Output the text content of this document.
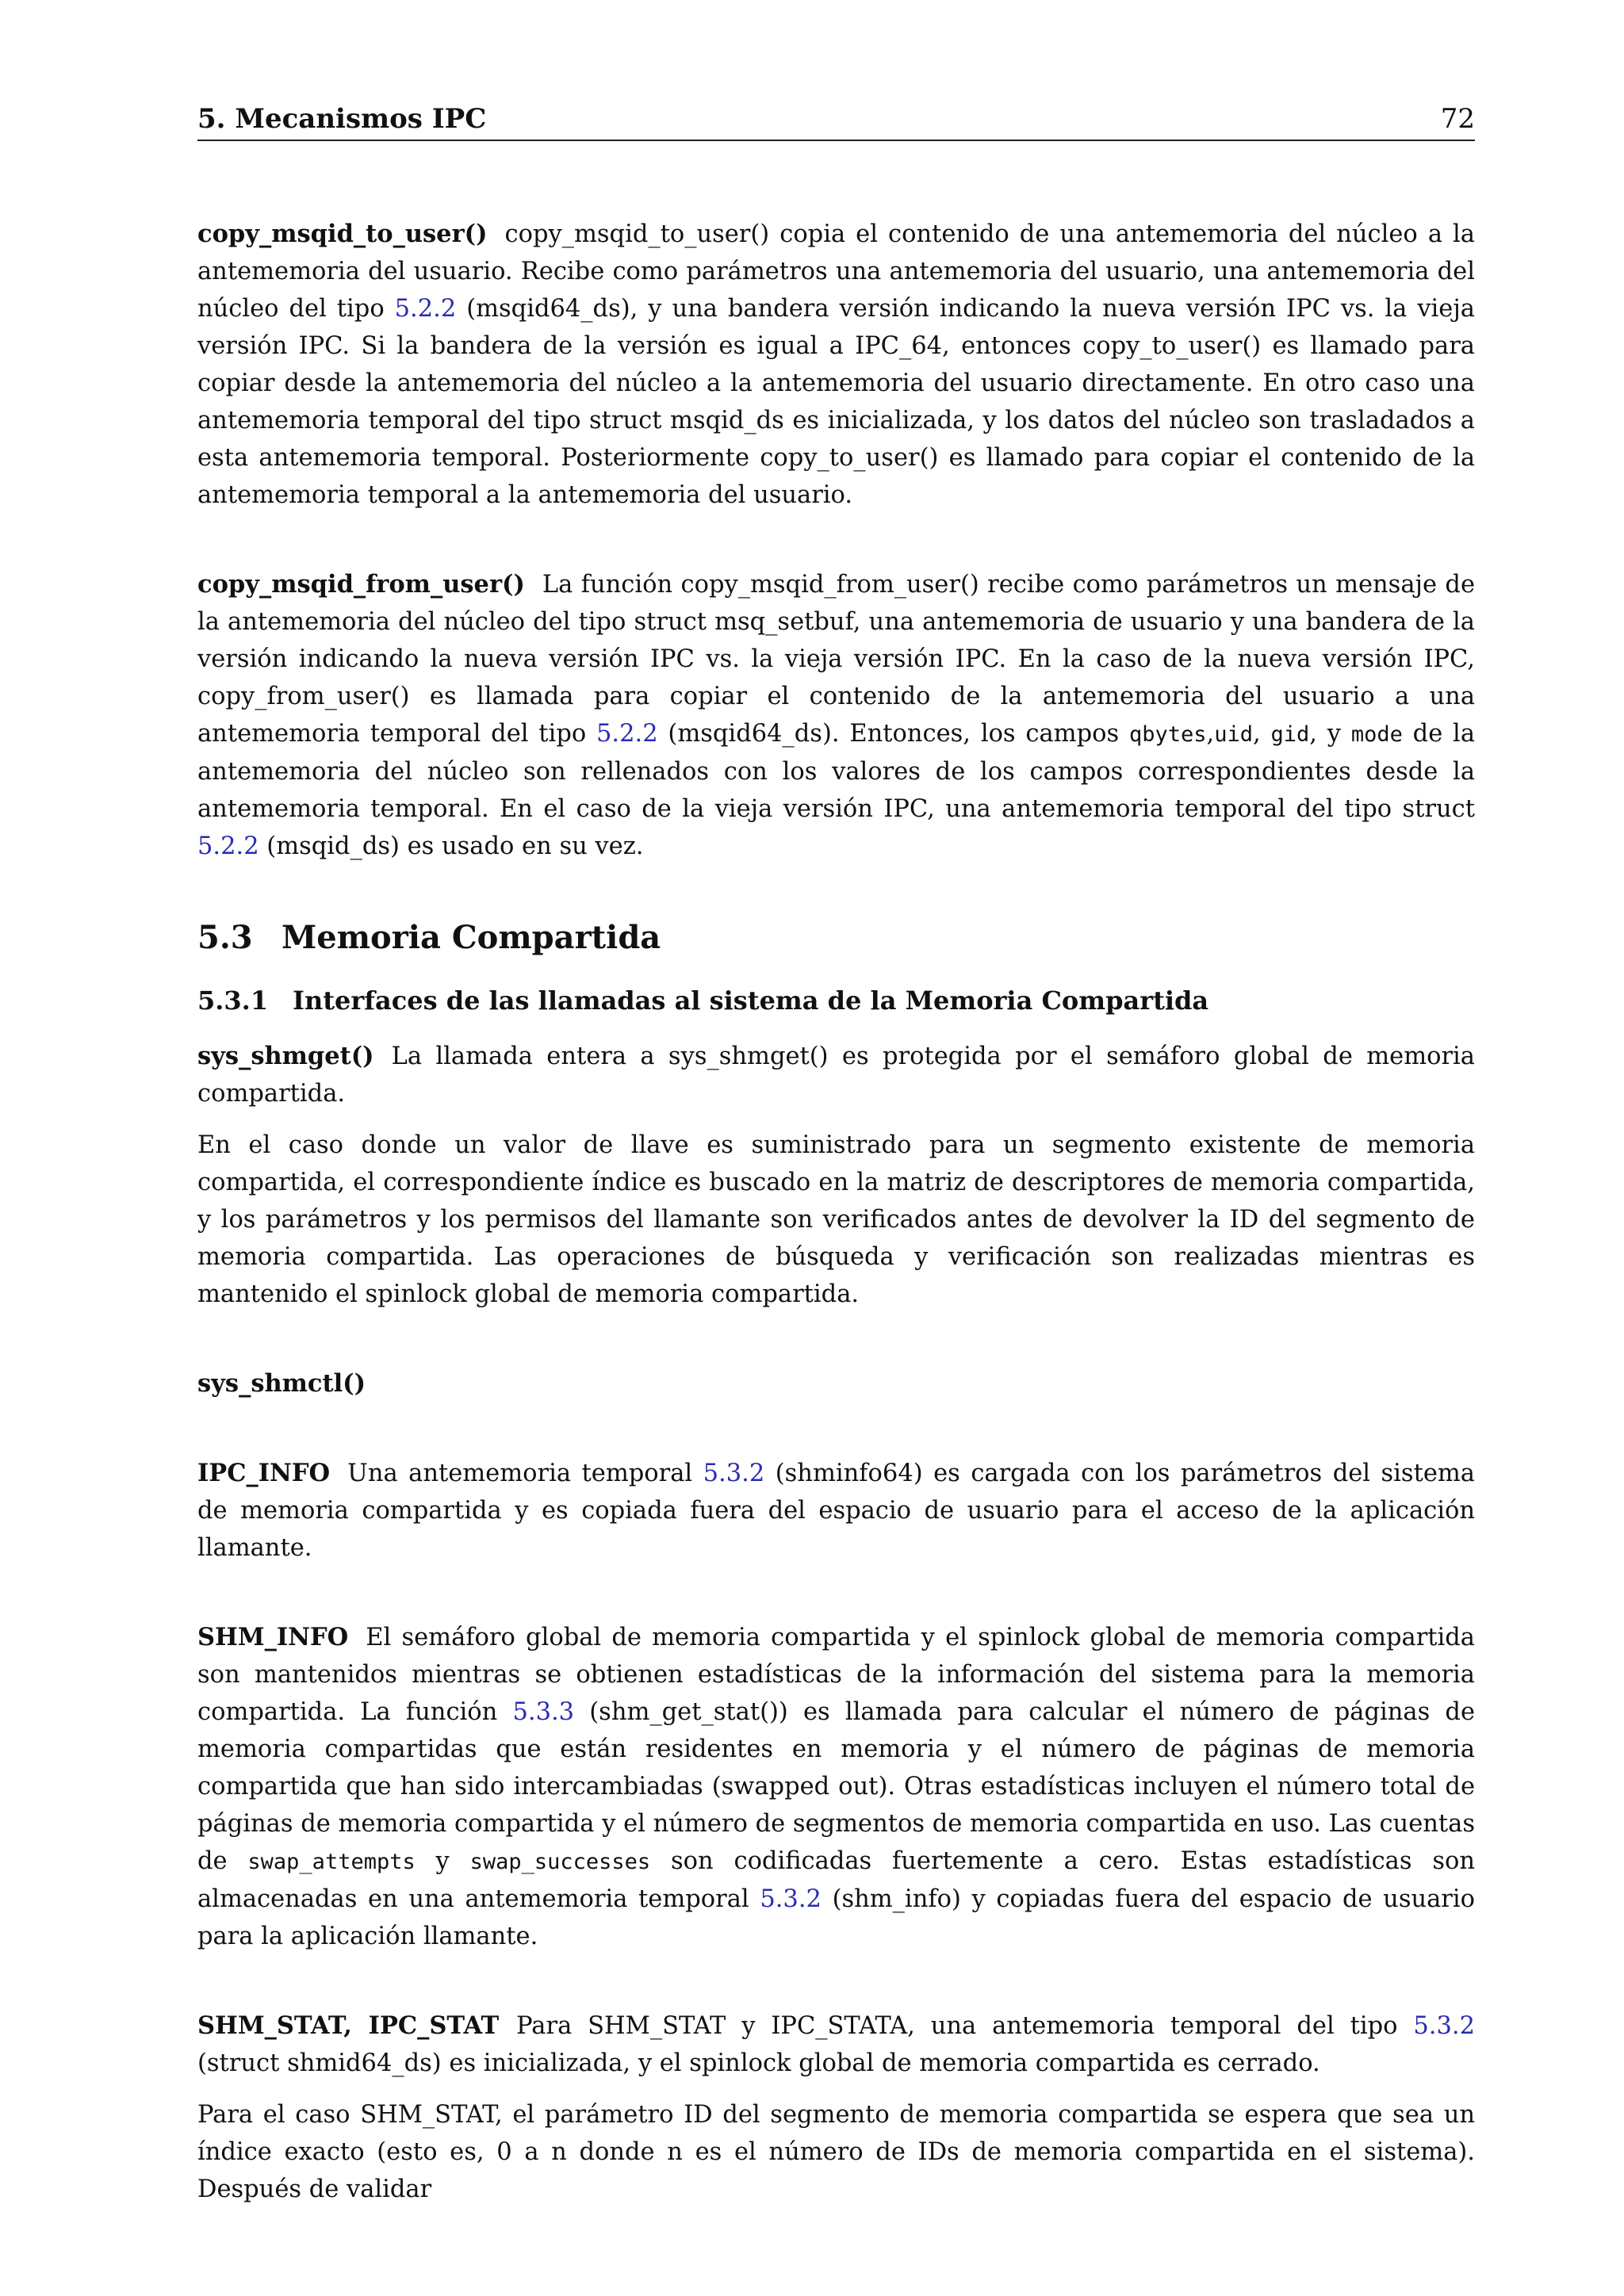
5. Mecanismos IPC	72

copy_msqid_to_user() copy_msqid_to_user() copia el contenido de una antememoria del núcleo a la antememoria del usuario. Recibe como parámetros una antememoria del usuario, una antememoria del núcleo del tipo 5.2.2 (msqid64_ds), y una bandera versión indicando la nueva versión IPC vs. la vieja versión IPC. Si la bandera de la versión es igual a IPC_64, entonces copy_to_user() es llamado para copiar desde la antememoria del núcleo a la antememoria del usuario directamente. En otro caso una antememoria temporal del tipo struct msqid_ds es inicializada, y los datos del núcleo son trasladados a esta antememoria temporal. Posteriormente copy_to_user() es llamado para copiar el contenido de la antememoria temporal a la antememoria del usuario.

copy_msqid_from_user() La función copy_msqid_from_user() recibe como parámetros un mensaje de la antememoria del núcleo del tipo struct msq_setbuf, una antememoria de usuario y una bandera de la versión indicando la nueva versión IPC vs. la vieja versión IPC. En la caso de la nueva versión IPC, copy_from_user() es llamada para copiar el contenido de la antememoria del usuario a una antememoria temporal del tipo 5.2.2 (msqid64_ds). Entonces, los campos qbytes,uid, gid, y mode de la antememoria del núcleo son rellenados con los valores de los campos correspondientes desde la antememoria temporal. En el caso de la vieja versión IPC, una antememoria temporal del tipo struct 5.2.2 (msqid_ds) es usado en su vez.

5.3 Memoria Compartida
5.3.1 Interfaces de las llamadas al sistema de la Memoria Compartida

sys_shmget() La llamada entera a sys_shmget() es protegida por el semáforo global de memoria compartida.

En el caso donde un valor de llave es suministrado para un segmento existente de memoria compartida, el correspondiente índice es buscado en la matriz de descriptores de memoria compartida, y los parámetros y los permisos del llamante son verificados antes de devolver la ID del segmento de memoria compartida. Las operaciones de búsqueda y verificación son realizadas mientras es mantenido el spinlock global de memoria compartida.

sys_shmctl()

IPC_INFO Una antememoria temporal 5.3.2 (shminfo64) es cargada con los parámetros del sistema de memoria compartida y es copiada fuera del espacio de usuario para el acceso de la aplicación llamante.

SHM_INFO El semáforo global de memoria compartida y el spinlock global de memoria compartida son mantenidos mientras se obtienen estadísticas de la información del sistema para la memoria compartida. La función 5.3.3 (shm_get_stat()) es llamada para calcular el número de páginas de memoria compartidas que están residentes en memoria y el número de páginas de memoria compartida que han sido intercambiadas (swapped out). Otras estadísticas incluyen el número total de páginas de memoria compartida y el número de segmentos de memoria compartida en uso. Las cuentas de swap_attempts y swap_successes son codificadas fuertemente a cero. Estas estadísticas son almacenadas en una antememoria temporal 5.3.2 (shm_info) y copiadas fuera del espacio de usuario para la aplicación llamante.

SHM_STAT, IPC_STAT Para SHM_STAT y IPC_STATA, una antememoria temporal del tipo 5.3.2 (struct shmid64_ds) es inicializada, y el spinlock global de memoria compartida es cerrado.

Para el caso SHM_STAT, el parámetro ID del segmento de memoria compartida se espera que sea un índice exacto (esto es, 0 a n donde n es el número de IDs de memoria compartida en el sistema). Después de validar
